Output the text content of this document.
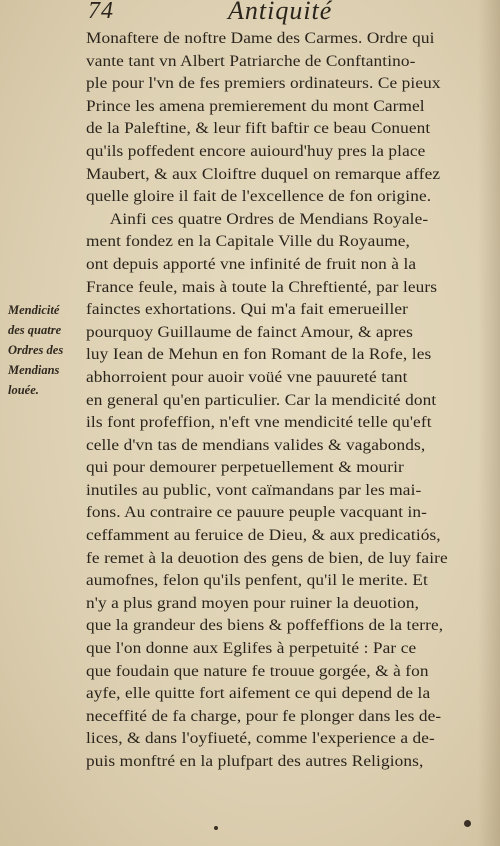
74	Antiquité
Mendicité
des quatre
Ordres des
Mendians
louée.
Monaftere de noftre Dame des Carmes. Ordre qui
vante tant vn Albert Patriarche de Conftantino-
ple pour l'vn de fes premiers ordinateurs. Ce pieux
Prince les amena premierement du mont Carmel
de la Paleftine, & leur fift baftir ce beau Conuent
qu'ils poffedent encore auiourd'huy pres la place
Maubert, & aux Cloiftre duquel on remarque affez
quelle gloire il fait de l'excellence de fon origine.
Ainfi ces quatre Ordres de Mendians Royale-
ment fondez en la Capitale Ville du Royaume,
ont depuis apporté vne infinité de fruit non à la
France feule, mais à toute la Chreftienté, par leurs
fainctes exhortations. Qui m'a fait emerueiller
pourquoy Guillaume de fainct Amour, & apres
luy Iean de Mehun en fon Romant de la Rofe, les
abhorroient pour auoir voüé vne pauureté tant
en general qu'en particulier. Car la mendicité dont
ils font profeffion, n'eft vne mendicité telle qu'eft
celle d'vn tas de mendians valides & vagabonds,
qui pour demourer perpetuellement & mourir
inutiles au public, vont caïmandans par les mai-
fons. Au contraire ce pauure peuple vacquant in-
ceffamment au feruice de Dieu, & aux predicatiós,
fe remet à la deuotion des gens de bien, de luy faire
aumofnes, felon qu'ils penfent, qu'il le merite. Et
n'y a plus grand moyen pour ruiner la deuotion,
que la grandeur des biens & poffeffions de la terre,
que l'on donne aux Eglifes à perpetuité : Par ce
que foudain que nature fe trouue gorgée, & à fon
ayfe, elle quitte fort aifement ce qui depend de la
neceffité de fa charge, pour fe plonger dans les de-
lices, & dans l'oyfiueté, comme l'experience a de-
puis monftré en la plufpart des autres Religions,
